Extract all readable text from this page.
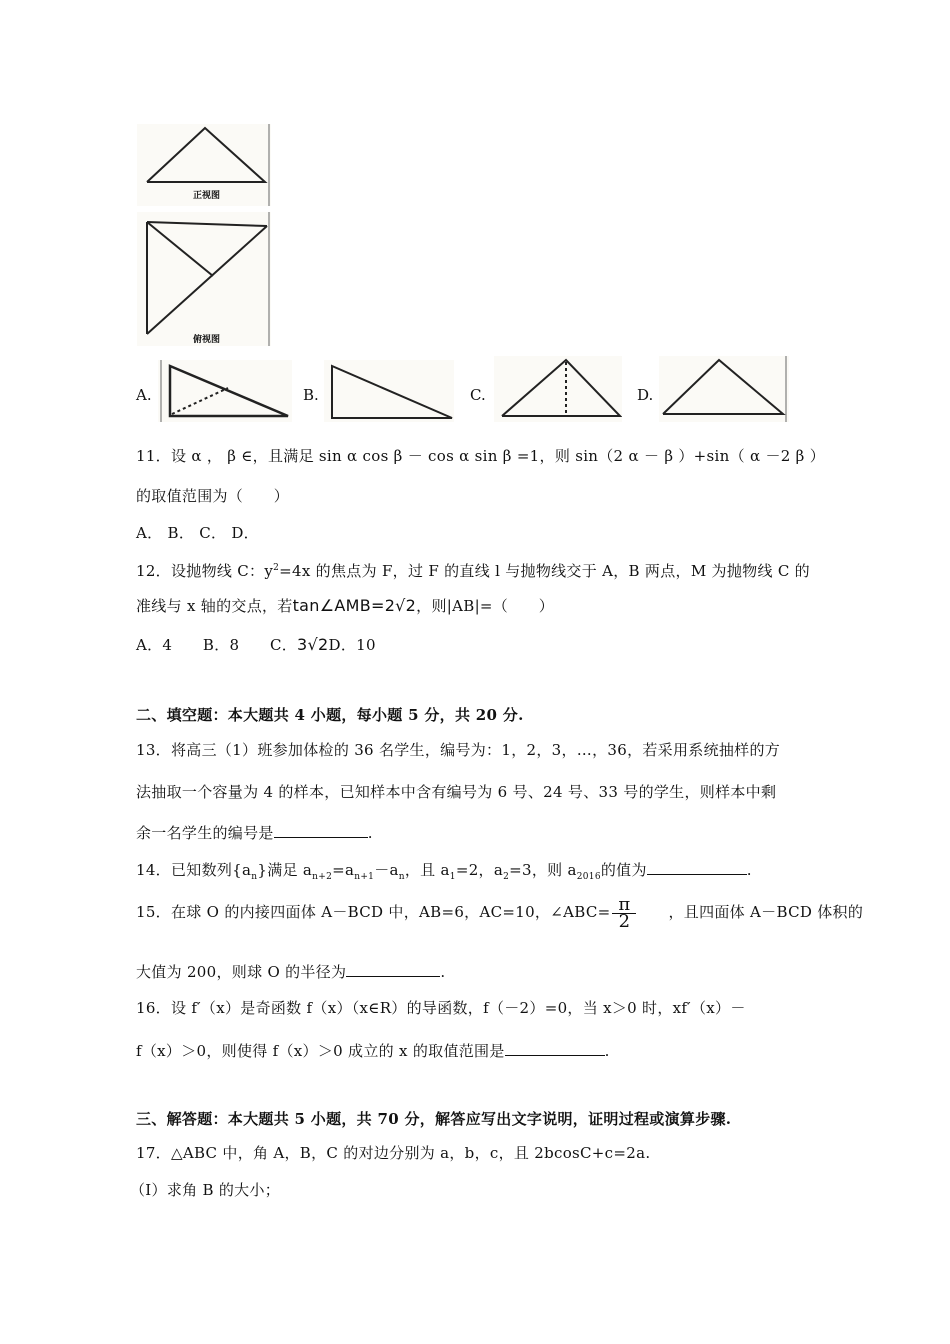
正视图
俯视图
A.	B.	C.	D.
11．设 α ， β ∈，且满足 sin α cos β － cos α sin β =1，则 sin（2 α － β ）+sin（ α －2 β ）
的取值范围为（　　）
A． B． C． D．
12．设抛物线 C：$y^2=4x$ 的焦点为 F，过 F 的直线 l 与抛物线交于 A，B 两点，M 为抛物线 C 的
准线与 x 轴的交点，若tan∠AMB=2√2，则|AB|=（　　）
A．4　　B．8　　C．3√2D．10
二、填空题：本大题共 4 小题，每小题 5 分，共 20 分.
13．将高三（1）班参加体检的 36 名学生，编号为：1，2，3，…，36，若采用系统抽样的方
法抽取一个容量为 4 的样本，已知样本中含有编号为 6 号、24 号、33 号的学生，则样本中剩
余一名学生的编号是	.
14．已知数列$\{a_n\}$满足 $a_{n+2}=a_{n+1}-a_n$，且 $a_1=2$，$a_2=3$，则 $a_{2016}$的值为	.
15．在球 O 的内接四面体 A－BCD 中，AB=6，AC=10，∠ABC= $\frac{\pi}{2}$ ，且四面体 A－BCD 体积的
大值为 200，则球 O 的半径为	.
16．设 f′（x）是奇函数 f（x）（x∈R）的导函数，f（－2）=0，当 x＞0 时，xf′（x）－
f（x）＞0，则使得 f（x）＞0 成立的 x 的取值范围是	.
三、解答题：本大题共 5 小题，共 70 分，解答应写出文字说明，证明过程或演算步骤.
17．△ABC 中，角 A，B，C 的对边分别为 a，b，c，且 2bcosC+c=2a.
（Ⅰ）求角 B 的大小；
